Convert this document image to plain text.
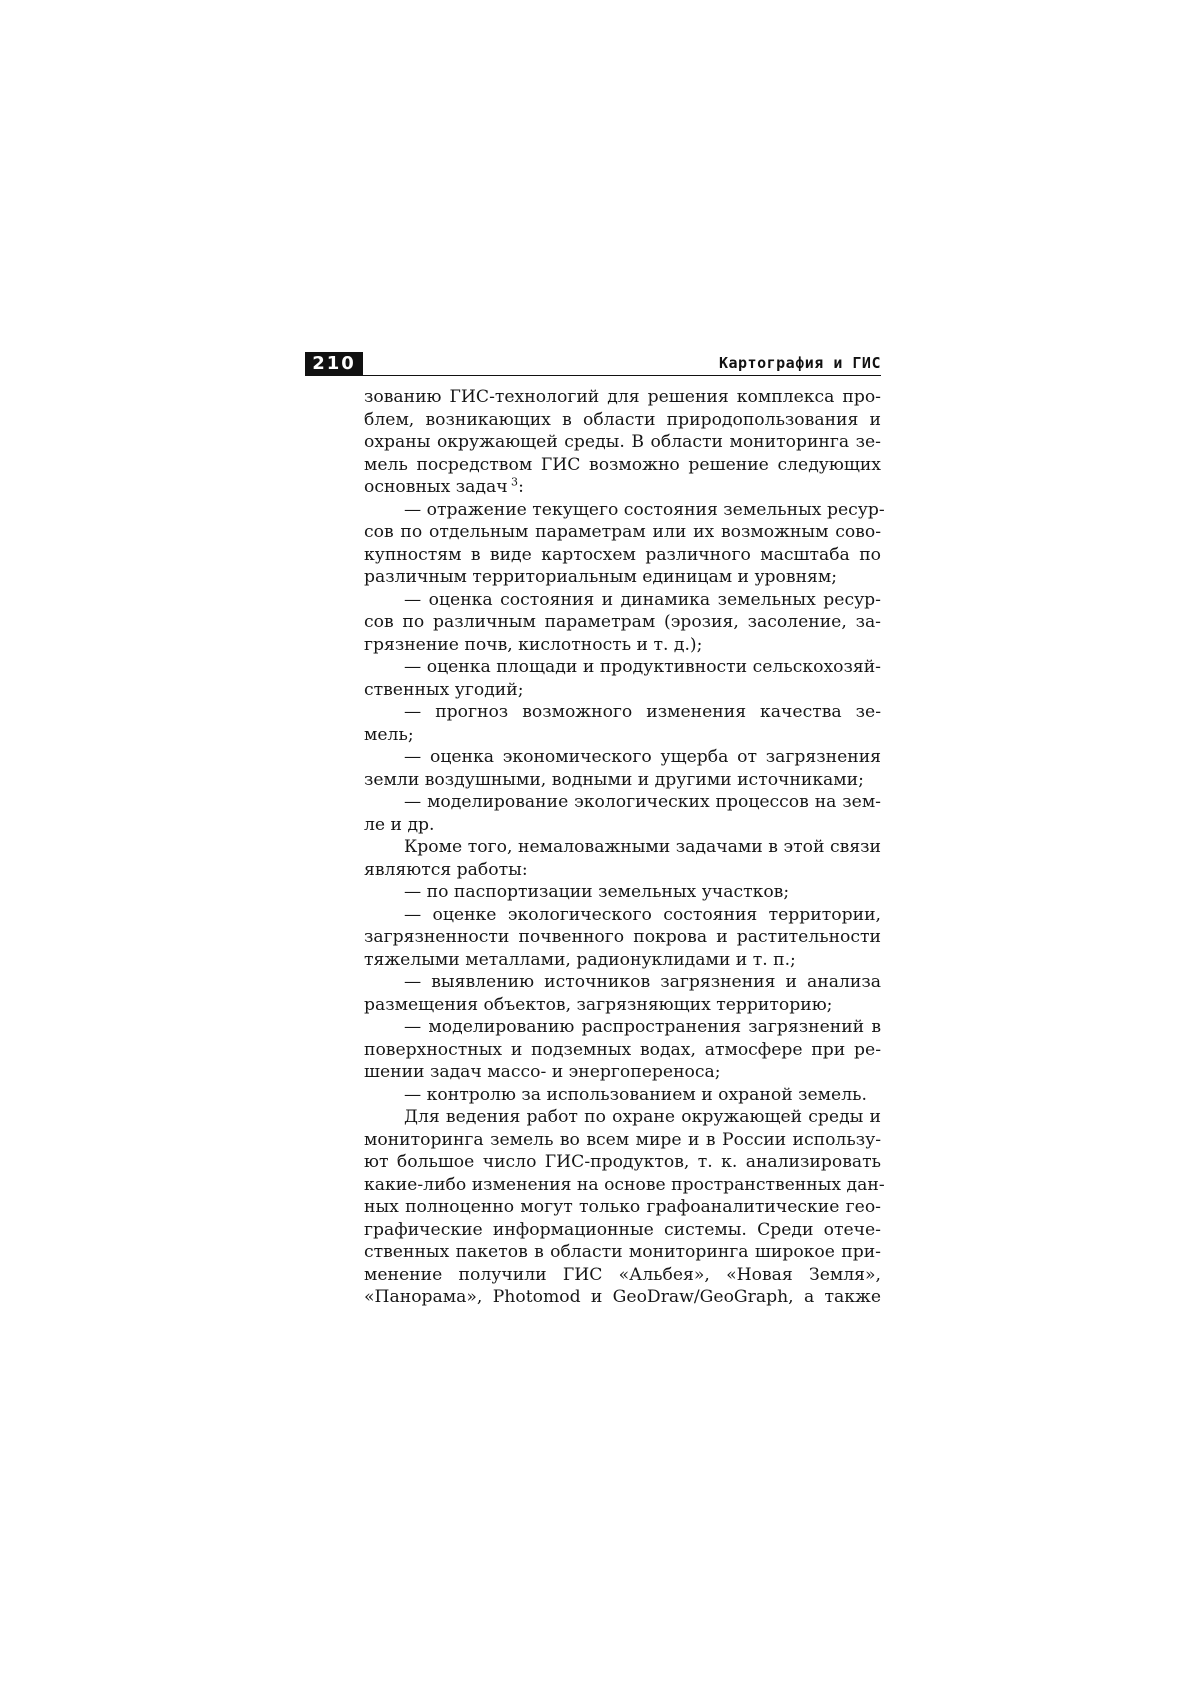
210	Картография и ГИС
зованию ГИС-технологий для решения комплекса про-
блем, возникающих в области природопользования и
охраны окружающей среды. В области мониторинга зе-
мель посредством ГИС возможно решение следующих
основных задач $^3$:
— отражение текущего состояния земельных ресур-
сов по отдельным параметрам или их возможным сово-
купностям в виде картосхем различного масштаба по
различным территориальным единицам и уровням;
— оценка состояния и динамика земельных ресур-
сов по различным параметрам (эрозия, засоление, за-
грязнение почв, кислотность и т. д.);
— оценка площади и продуктивности сельскохозяй-
ственных угодий;
— прогноз возможного изменения качества зе-
мель;
— оценка экономического ущерба от загрязнения
земли воздушными, водными и другими источниками;
— моделирование экологических процессов на зем-
ле и др.
Кроме того, немаловажными задачами в этой связи
являются работы:
— по паспортизации земельных участков;
— оценке экологического состояния территории,
загрязненности почвенного покрова и растительности
тяжелыми металлами, радионуклидами и т. п.;
— выявлению источников загрязнения и анализа
размещения объектов, загрязняющих территорию;
— моделированию распространения загрязнений в
поверхностных и подземных водах, атмосфере при ре-
шении задач массо- и энергопереноса;
— контролю за использованием и охраной земель.
Для ведения работ по охране окружающей среды и
мониторинга земель во всем мире и в России использу-
ют большое число ГИС-продуктов, т. к. анализировать
какие-либо изменения на основе пространственных дан-
ных полноценно могут только графоаналитические гео-
графические информационные системы. Среди отече-
ственных пакетов в области мониторинга широкое при-
менение получили ГИС «Альбея», «Новая Земля»,
«Панорама», Photomod и GeoDraw/GeoGraph, а также
